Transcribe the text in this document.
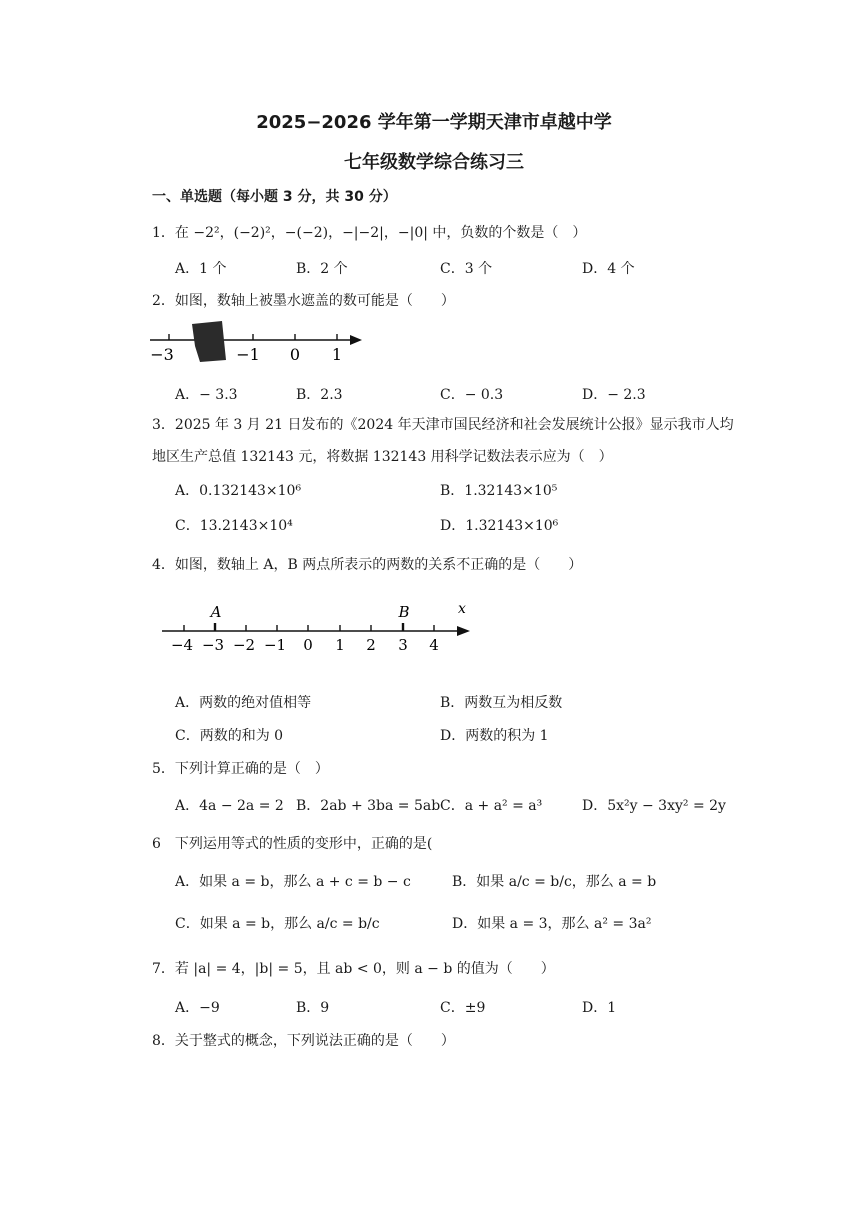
2025−2026 学年第一学期天津市卓越中学
七年级数学综合练习三
一、单选题（每小题 3 分，共 30 分）
1．在 −2²，(−2)²，−(−2)，−|−2|，−|0| 中，负数的个数是（　）
A．1 个	B．2 个	C．3 个	D．4 个
2．如图，数轴上被墨水遮盖的数可能是（　　）
−3	−1 0 1
A．− 3.3	B．2.3	C．− 0.3	D．− 2.3
3．2025 年 3 月 21 日发布的《2024 年天津市国民经济和社会发展统计公报》显示我市人均
地区生产总值 132143 元，将数据 132143 用科学记数法表示应为（　）
A．0.132143×10⁶	B．1.32143×10⁵
C．13.2143×10⁴	D．1.32143×10⁶
4．如图，数轴上 A，B 两点所表示的两数的关系不正确的是（　　）
A	B	x
−4 −3 −2 −1 0 1 2 3 4
A．两数的绝对值相等	B．两数互为相反数
C．两数的和为 0	D．两数的积为 1
5．下列计算正确的是（　）
A．4a − 2a = 2 B．2ab + 3ba = 5ab C．a + a² = a³	D．5x²y − 3xy² = 2y
6　下列运用等式的性质的变形中，正确的是(
A．如果 a = b，那么 a + c = b − c	B．如果 a/c = b/c，那么 a = b
C．如果 a = b，那么 a/c = b/c	D．如果 a = 3，那么 a² = 3a²
7．若 |a| = 4，|b| = 5，且 ab < 0，则 a − b 的值为（　　）
A．−9	B．9	C．±9	D．1
8．关于整式的概念，下列说法正确的是（　　）
